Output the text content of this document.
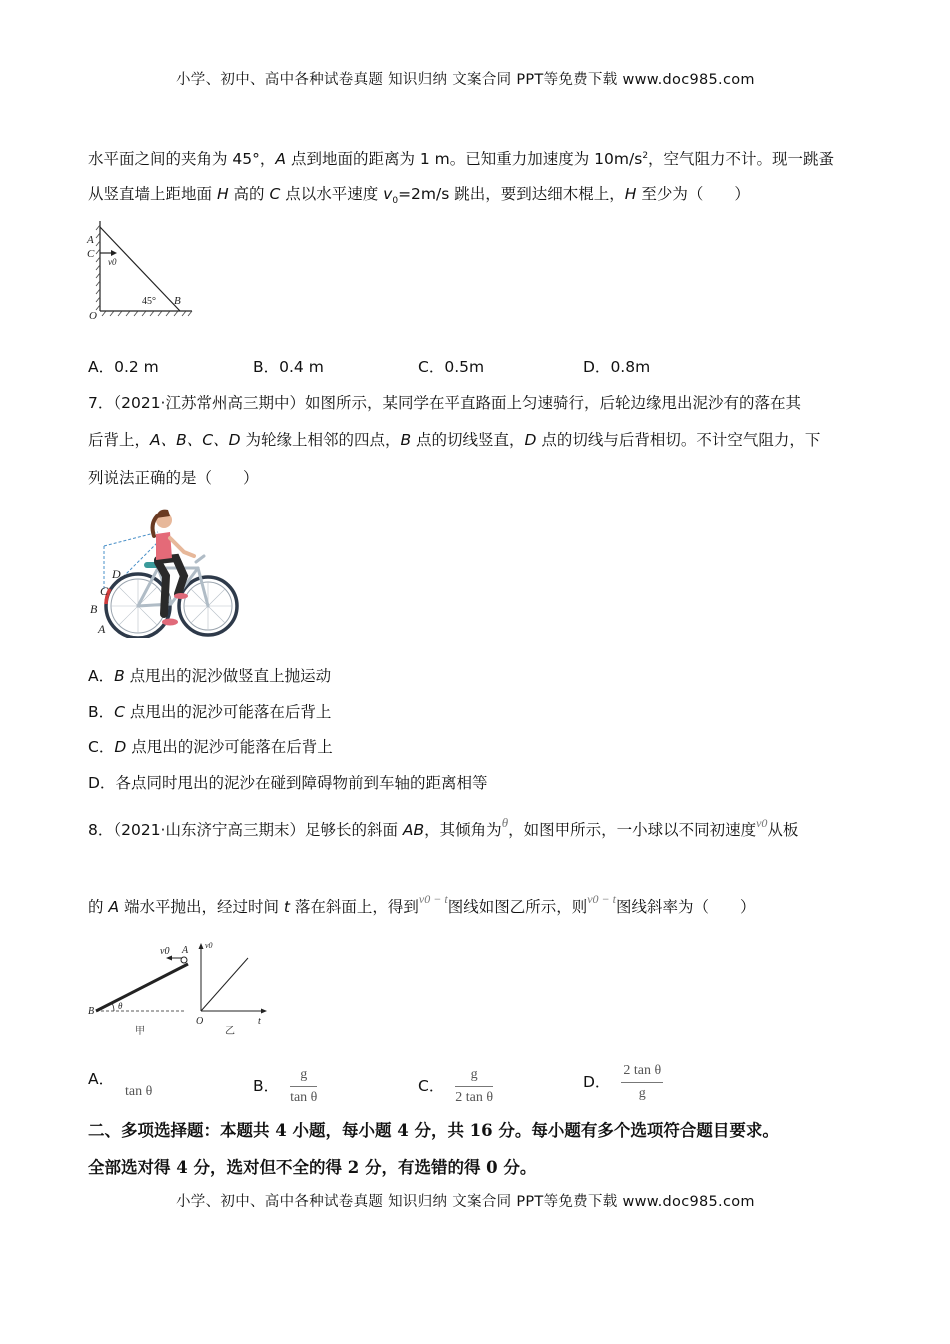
小学、初中、高中各种试卷真题 知识归纳 文案合同 PPT等免费下载 www.doc985.com
水平面之间的夹角为 45°，A 点到地面的距离为 1 m。已知重力加速度为 $10m/s^2$，空气阻力不计。现一跳蚤
从竖直墙上距地面 H 高的 C 点以水平速度 $v_0=2m/s$ 跳出，要到达细木棍上，H 至少为（　　）
A
C
v0
45° B
O
A．0.2 m	B．0.4 m	C．0.5m	D．0.8m
7．（2021·江苏常州高三期中）如图所示，某同学在平直路面上匀速骑行，后轮边缘甩出泥沙有的落在其
后背上，A、B、C、D 为轮缘上相邻的四点，B 点的切线竖直，D 点的切线与后背相切。不计空气阻力，下
列说法正确的是（　　）
D
C
B
A
A．B 点甩出的泥沙做竖直上抛运动
B．C 点甩出的泥沙可能落在后背上
C．D 点甩出的泥沙可能落在后背上
D．各点同时甩出的泥沙在碰到障碍物前到车轴的距离相等
8．（2021·山东济宁高三期末）足够长的斜面 AB，其倾角为$^\theta$，如图甲所示，一小球以不同初速度$^{v0}$从板
的 A 端水平抛出，经过时间 t 落在斜面上，得到$^{v0 - t}$图线如图乙所示，则$^{v0 - t}$图线斜率为（　　）
v0 A
B	θ
O	t
v0
甲	乙
A．
tan θ	B． $\frac{g}{\text{tan θ}}$	C． $\frac{g}{\text{2 tan θ}}$	D． $\frac{\text{2 tan θ}}{g}$
二、多项选择题：本题共 4 小题，每小题 4 分，共 16 分。每小题有多个选项符合题目要求。
全部选对得 4 分，选对但不全的得 2 分，有选错的得 0 分。
小学、初中、高中各种试卷真题 知识归纳 文案合同 PPT等免费下载 www.doc985.com
